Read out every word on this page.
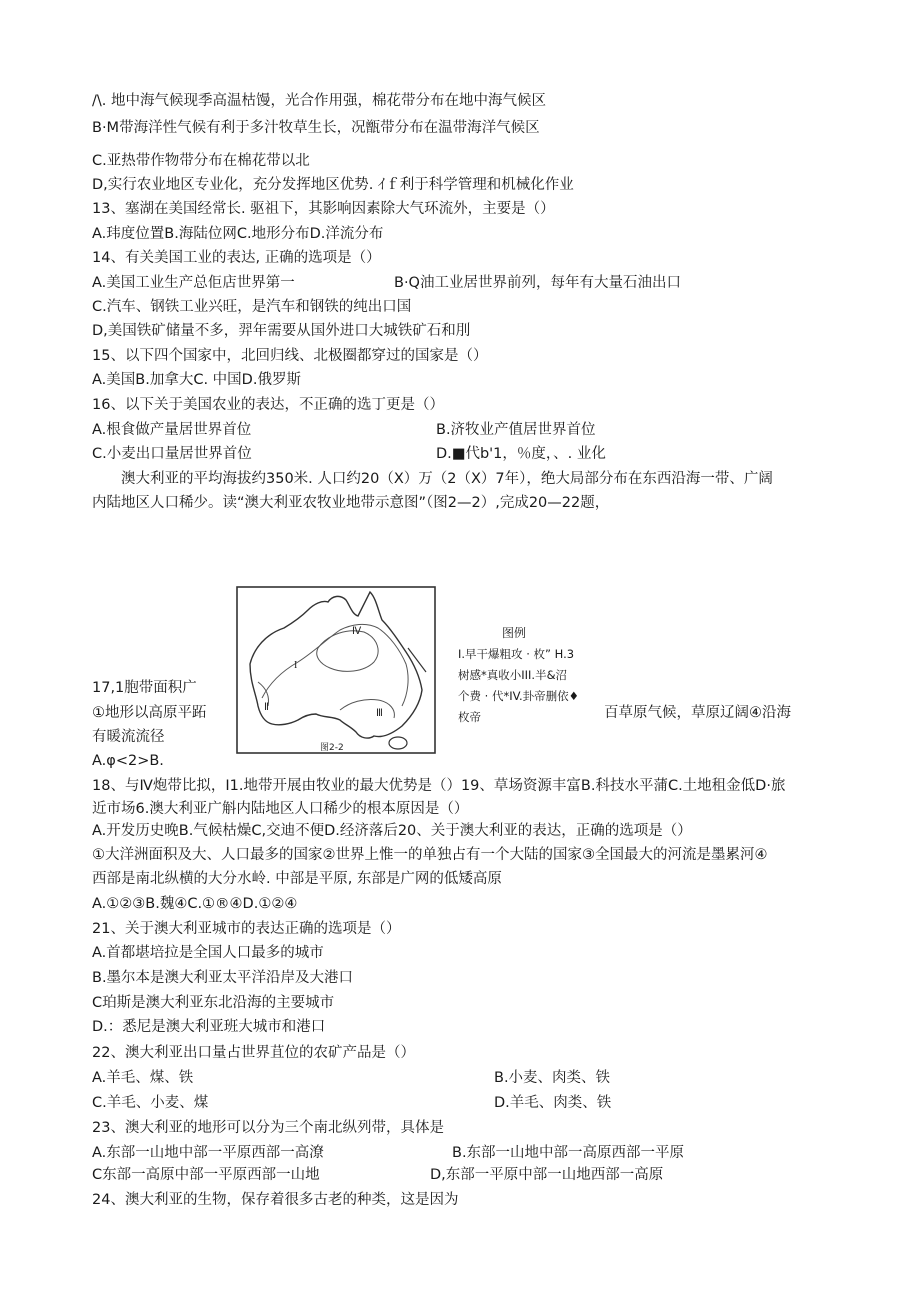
/\. 地中海气候现季高温枯馒，光合作用强，棉花带分布在地中海气候区
B·M带海洋性气候有利于多汁牧草生长，况甑带分布在温带海洋气候区
C.亚热带作物带分布在棉花带以北
D,实行农业地区专业化，充分发挥地区优势. ｲｆ利于科学管理和机械化作业
13、塞湖在美国经常长. 驱祖下，其影响因素除大气环流外，主要是（）
A.玮度位置B.海陆位网C.地形分布D.洋流分布
14、有关美国工业的表达, 正确的选项是（）
A.美国工业生产总佢店世界第一	B·Q油工业居世界前列，每年有大量石油出口
C.汽车、钢铁工业兴旺，是汽车和钢铁的纯出口国
D,美国铁矿储量不多，羿年需要从国外进口大城铁矿石和刖
15、以下四个国家中，北回归线、北极圈都穿过的国家是（）
A.美国B.加拿大C. 中国D.俄罗斯
16、以下关于美国农业的表达，不正确的选丁更是（）
A.根食做产量居世界首位	B.济牧业产值居世界首位
C.小麦出口量居世界首位	D.■代b'1，％度，、. 业化
澳大利亚的平均海拔约350米. 人口约20（X）万（2（X）7年），绝大局部分布在东西沿海一带、广阔
内陆地区人口稀少。读“澳大利亚农牧业地带示意图”（图2—2）,完成20—22题，
I
Ⅱ
Ⅲ
Ⅳ
图2-2
图例
I.早干爆粗攻 · 枚” H.3
树感*真收小III.半&沼
个费 · 代*IV.卦帝删依♦
枚帝
17,1胞带面积广
百草原气候，草原辽阔④沿海
①地形以高原平跖
有暖流流径
A.φ<2>B.
18、与Ⅳ炮带比拟，I1.地带开展由牧业的最大优势是（）19、草场资源丰富B.科技水平蒲C.土地租金低D·旅
近市场6.澳大利亚广斛内陆地区人口稀少的根本原因是（）
A.开发历史晚B.气候枯燥C,交迪不便D.经济落后20、关于澳大利亚的表达，正确的选项是（）
①大洋洲面积及大、人口最多的国家②世界上惟一的单独占有一个大陆的国家③全国最大的河流是墨累河④
西部是南北纵横的大分水岭. 中部是平原, 东部是广网的低矮高原
A.①②③B.魏④C.①®④D.①②④
21、关于澳大利亚城市的表达正确的选项是（）
A.首都堪培拉是全国人口最多的城市
B.墨尔本是澳大利亚太平洋沿岸及大港口
C珀斯是澳大利亚东北沿海的主要城市
D.：悉尼是澳大利亚班大城市和港口
22、澳大利亚出口量占世界苴位的农矿产品是（）
A.羊毛、煤、铁	B.小麦、肉类、铁
C.羊毛、小麦、煤	D.羊毛、肉类、铁
23、澳大利亚的地形可以分为三个南北纵列带，具体是
A.东部一山地中部一平原西部一高潦	B.东部一山地中部一高原西部一平原
C东部一高原中部一平原西部一山地	D,东部一平原中部一山地西部一高原
24、澳大利亚的生物，保存着很多古老的种类，这是因为
